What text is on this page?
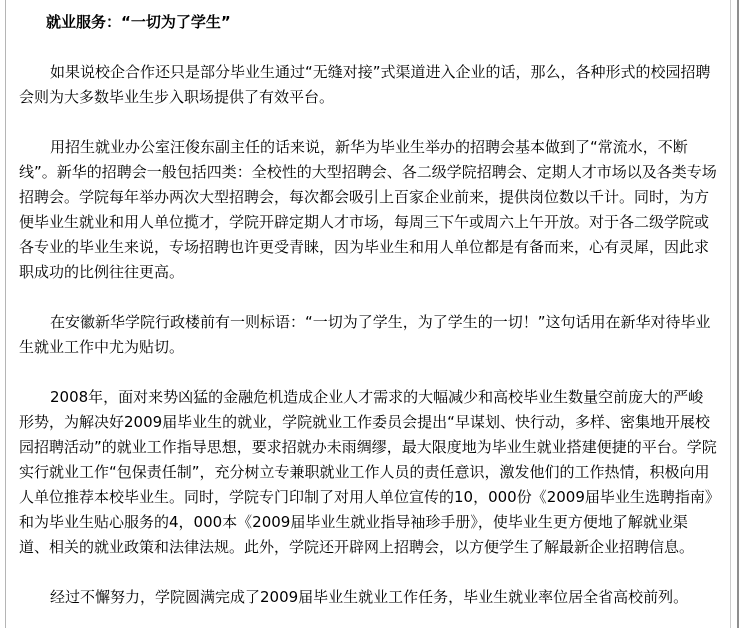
就业服务：“一切为了学生”

如果说校企合作还只是部分毕业生通过“无缝对接”式渠道进入企业的话，那么，各种形式的校园招聘会则为大多数毕业生步入职场提供了有效平台。

用招生就业办公室汪俊东副主任的话来说，新华为毕业生举办的招聘会基本做到了“常流水，不断线”。新华的招聘会一般包括四类：全校性的大型招聘会、各二级学院招聘会、定期人才市场以及各类专场招聘会。学院每年举办两次大型招聘会，每次都会吸引上百家企业前来，提供岗位数以千计。同时，为方便毕业生就业和用人单位揽才，学院开辟定期人才市场，每周三下午或周六上午开放。对于各二级学院或各专业的毕业生来说，专场招聘也许更受青睐，因为毕业生和用人单位都是有备而来，心有灵犀，因此求职成功的比例往往更高。

在安徽新华学院行政楼前有一则标语：“一切为了学生，为了学生的一切！”这句话用在新华对待毕业生就业工作中尤为贴切。

2008年，面对来势凶猛的金融危机造成企业人才需求的大幅减少和高校毕业生数量空前庞大的严峻形势，为解决好2009届毕业生的就业，学院就业工作委员会提出“早谋划、快行动，多样、密集地开展校园招聘活动”的就业工作指导思想，要求招就办未雨绸缪，最大限度地为毕业生就业搭建便捷的平台。学院实行就业工作“包保责任制”，充分树立专兼职就业工作人员的责任意识，激发他们的工作热情，积极向用人单位推荐本校毕业生。同时，学院专门印制了对用人单位宣传的10，000份《2009届毕业生选聘指南》和为毕业生贴心服务的4，000本《2009届毕业生就业指导袖珍手册》，使毕业生更方便地了解就业渠道、相关的就业政策和法律法规。此外，学院还开辟网上招聘会，以方便学生了解最新企业招聘信息。

经过不懈努力，学院圆满完成了2009届毕业生就业工作任务，毕业生就业率位居全省高校前列。
